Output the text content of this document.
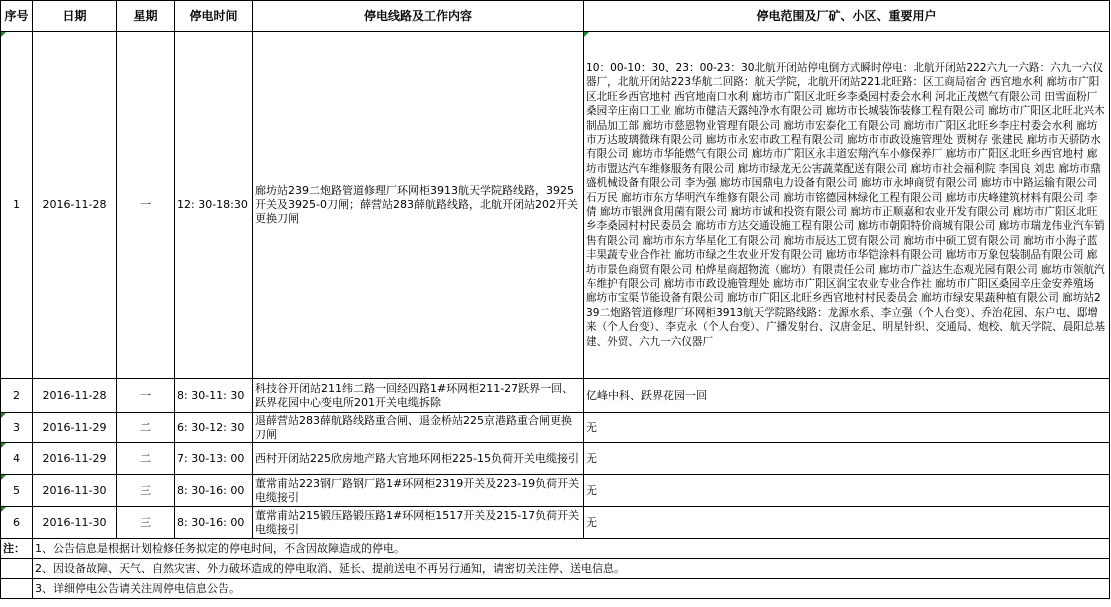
序号	日期	星期	停电时间	停电线路及工作内容	停电范围及厂矿、小区、重要用户
1	2016-11-28	一	12: 30-18:30	廊坊站239二炮路管道修理厂环网柜3913航天学院路线路，3925开关及3925-0刀闸；薛营站283薛航路线路，北航开闭站202开关更换刀闸	10：00-10：30、23：00-23：30北航开闭站停电倒方式瞬时停电：北航开闭站222六九一六路：六九一六仪器厂，北航开闭站223华航二回路：航天学院，北航开闭站221北旺路：区工商局宿舍 西官地水利 廊坊市广阳区北旺乡西官地村 西官地南口水利 廊坊市广阳区北旺乡李桑园村委会水利 河北正茂燃气有限公司 田雪面粉厂 桑园辛庄南口工业 廊坊市健洁天露纯净水有限公司 廊坊市长城装饰装修工程有限公司 廊坊市广阳区北旺北兴木制品加工部 廊坊市慈恩物业管理有限公司 廊坊市宏泰化工有限公司 廊坊市广阳区北旺乡李庄村委会水利 廊坊市万达玻璃微珠有限公司 廊坊市永宏市政工程有限公司 廊坊市市政设施管理处 贾树存 张建民 廊坊市天骄防水有限公司 廊坊市华能燃气有限公司 廊坊市广阳区永丰道宏翔汽车小修保养厂 廊坊市广阳区北旺乡西官地村 廊坊市盟达汽车维修服务有限公司 廊坊市绿龙无公害蔬菜配送有限公司 廊坊市社会福利院 李国良 刘忠 廊坊市鼎盛机械设备有限公司 李为强 廊坊市国鼎电力设备有限公司 廊坊市永坤商贸有限公司 廊坊市中路运输有限公司 石万民 廊坊市东方华明汽车维修有限公司 廊坊市铭德园林绿化工程有限公司 廊坊市庆峰建筑材料有限公司 李倩 廊坊市银洲食用菌有限公司 廊坊市诚和投资有限公司 廊坊市正顺嘉和农业开发有限公司 廊坊市广阳区北旺乡李桑园村村民委员会 廊坊市方达交通设施工程有限公司 廊坊市朝阳特价商城有限公司 廊坊市瑞龙伟业汽车销售有限公司 廊坊市东方华星化工有限公司 廊坊市辰达工贸有限公司 廊坊市中硕工贸有限公司 廊坊市小海子蓝丰果蔬专业合作社 廊坊市绿之生农业开发有限公司 廊坊市华铠涂料有限公司 廊坊市万象包装制品有限公司 廊坊市景色商贸有限公司 柏烨星商超物流（廊坊）有限责任公司 廊坊市广益达生态观光园有限公司 廊坊市领航汽车维护有限公司 廊坊市市政设施管理处 廊坊市广阳区润宝农业专业合作社 廊坊市广阳区桑园辛庄金安养殖场 廊坊市宝渠节能设备有限公司 廊坊市广阳区北旺乡西官地村村民委员会 廊坊市绿安果蔬种植有限公司 廊坊站239二炮路管道修理厂环网柜3913航天学院路线路：龙源水系、李立强（个人台变）、乔治花园、东户屯、邸增来（个人台变）、李克永（个人台变）、广播发射台、汉唐金足、明星针织、交通局、炮校、航天学院、晨阳总基建、外贸、六九一六仪器厂
2	2016-11-28	一	8: 30-11: 30	科技谷开闭站211纬二路一回经四路1#环网柜211-27跃界一回、跃界花园中心变电所201开关电缆拆除	亿峰中科、跃界花园一回
3	2016-11-29	二	6: 30-12: 30	退薛营站283薛航路线路重合闸、退金桥站225京港路重合闸更换刀闸	无
4	2016-11-29	二	7: 30-13: 00	西村开闭站225欣房地产路大官地环网柜225-15负荷开关电缆接引	无
5	2016-11-30	三	8: 30-16: 00	董常甫站223钢厂路钢厂路1#环网柜2319开关及223-19负荷开关电缆接引	无
6	2016-11-30	三	8: 30-16: 00	董常甫站215锻压路锻压路1#环网柜1517开关及215-17负荷开关电缆接引	无
注：	1、公告信息是根据计划检修任务拟定的停电时间，不含因故障造成的停电。				
	2、因设备故障、天气、自然灾害、外力破坏造成的停电取消、延长、提前送电不再另行通知，请密切关注停、送电信息。				
	3、详细停电公告请关注周停电信息公告。				
